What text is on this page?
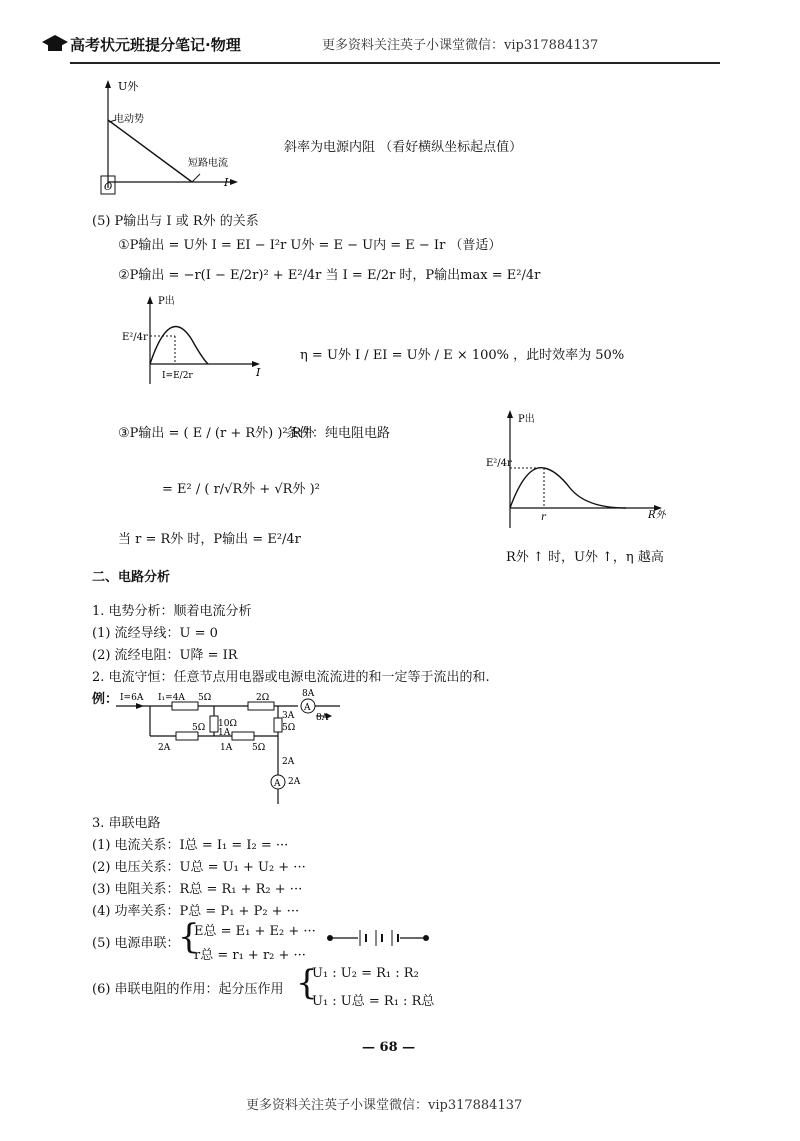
高考状元班提分笔记·物理	更多资料关注英子小课堂微信：vip317884137
U外
电动势
短路电流
I
O
斜率为电源内阻 （看好横纵坐标起点值）
(5) P输出与 I 或 R外 的关系
①P输出 = U外 I = EI − I²r U外 = E − U内 = E − Ir （普适）
②P输出 = −r(I − E/2r)² + E²/4r 当 I = E/2r 时，P输出max = E²/4r
P出
E²/4r
I
I=E/2r
η = U外 I / EI = U外 / E × 100% ，此时效率为 50%
③P输出 = ( E / (r + R外) )² R外
条件：纯电阻电路
= E² / ( r/√R外 + √R外 )²
当 r = R外 时，P输出 = E²/4r
P出
E²/4r
R外
r
R外 ↑ 时，U外 ↑，η 越高
二、电路分析
1. 电势分析：顺着电流分析
(1) 流经导线：U = 0
(2) 流经电阻：U降 = IR
2. 电流守恒：任意节点用电器或电源电流流进的和一定等于流出的和.
例：
A
A
I=6A I₁=4A 5Ω	2Ω	8A
8A
3A
5Ω
10Ω
1A
5Ω
2A	1A 5Ω
2A
2A
3. 串联电路
(1) 电流关系：I总 = I₁ = I₂ = ···
(2) 电压关系：U总 = U₁ + U₂ + ···
(3) 电阻关系：R总 = R₁ + R₂ + ···
(4) 功率关系：P总 = P₁ + P₂ + ···
(5) 电源串联：
{
E总 = E₁ + E₂ + ···
r总 = r₁ + r₂ + ···
(6) 串联电阻的作用：起分压作用 {
U₁ : U₂ = R₁ : R₂
U₁ : U总 = R₁ : R总
— 68 —
更多资料关注英子小课堂微信：vip317884137
